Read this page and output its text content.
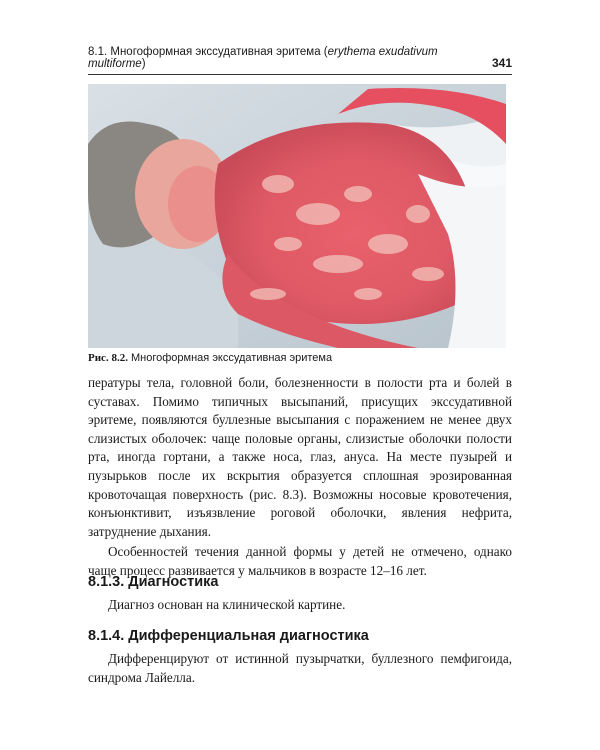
8.1. Многоформная экссудативная эритема (erythema exudativum multiforme)	341
Рис. 8.2. Многоформная экссудативная эритема

пературы тела, головной боли, болезненности в полости рта и болей в суставах. Помимо типичных высыпаний, присущих экссудативной эритеме, появляются буллезные высыпания с поражением не менее двух слизистых оболочек: чаще половые органы, слизистые оболочки полости рта, иногда гортани, а также носа, глаз, ануса. На месте пузырей и пузырьков после их вскрытия образуется сплошная эрозированная кровоточащая поверхность (рис. 8.3). Возможны носовые кровотечения, конъюнктивит, изъязвление роговой оболочки, явления нефрита, затруднение дыхания.

Особенностей течения данной формы у детей не отмечено, однако чаще процесс развивается у мальчиков в возрасте 12–16 лет.

8.1.3. Диагностика
Диагноз основан на клинической картине.
8.1.4. Дифференциальная диагностика
Дифференцируют от истинной пузырчатки, буллезного пемфигоида, синдрома Лайелла.
